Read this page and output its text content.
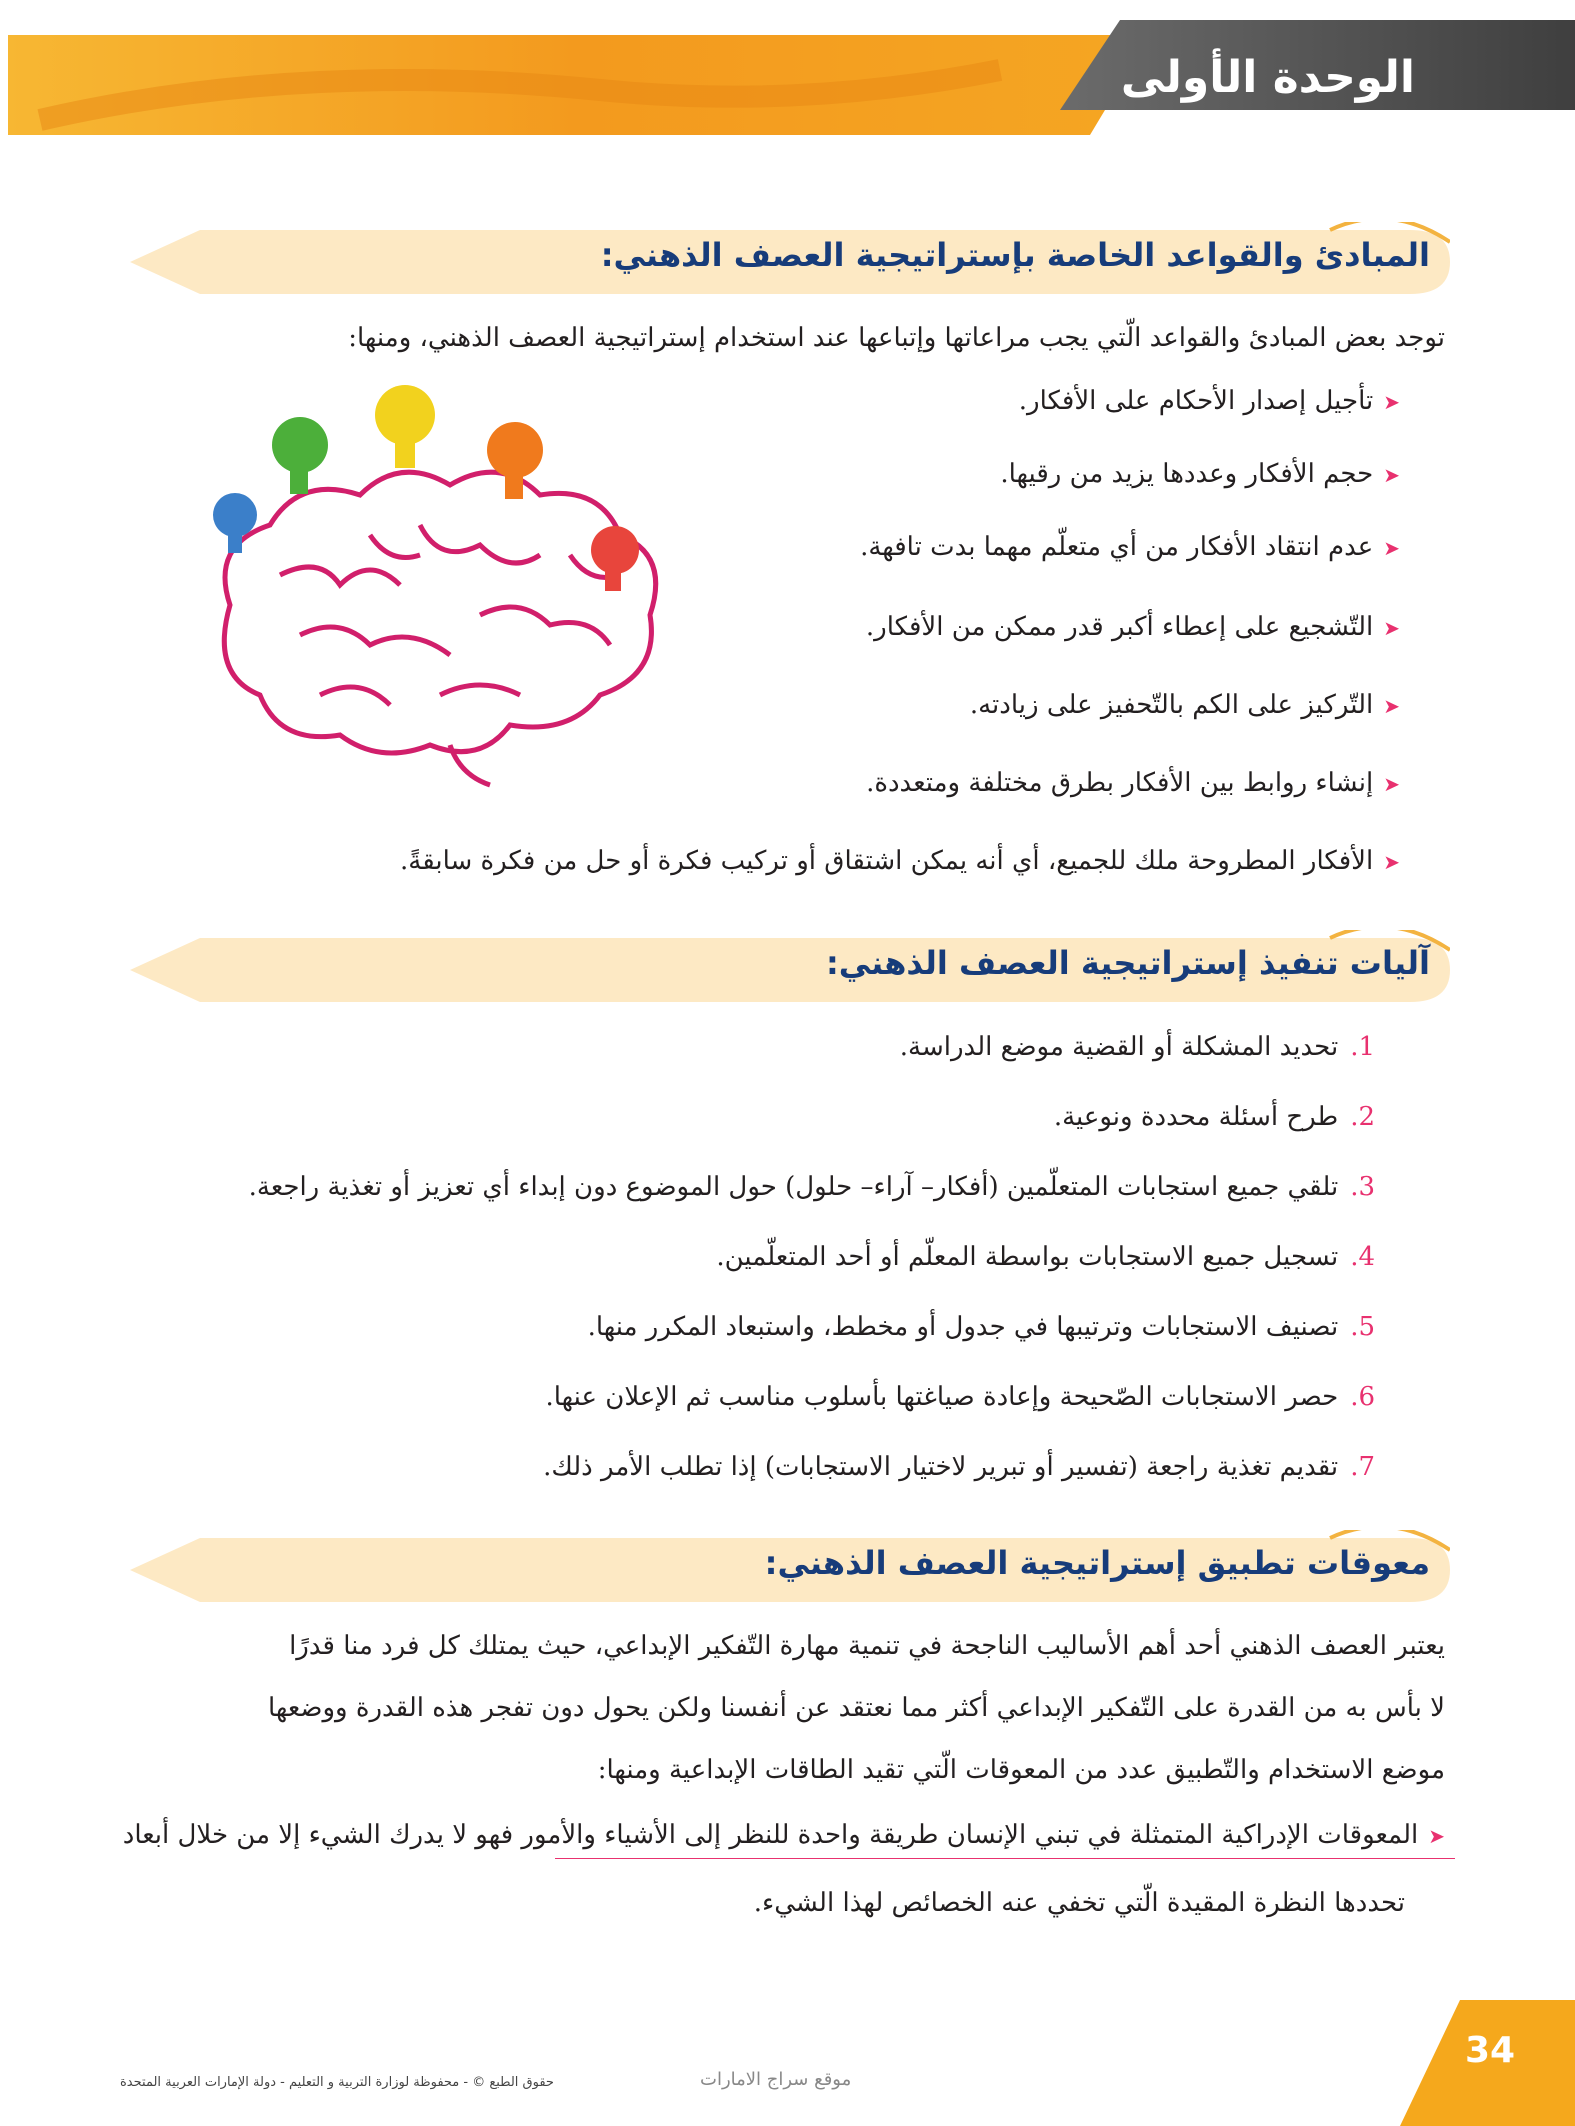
الوحدة الأولى
المبادئ والقواعد الخاصة بإستراتيجية العصف الذهني:
توجد بعض المبادئ والقواعد الّتي يجب مراعاتها وإتباعها عند استخدام إستراتيجية العصف الذهني، ومنها:
➤تأجيل إصدار الأحكام على الأفكار.
➤حجم الأفكار وعددها يزيد من رقيها.
➤عدم انتقاد الأفكار من أي متعلّم مهما بدت تافهة.
➤التّشجيع على إعطاء أكبر قدر ممكن من الأفكار.
➤التّركيز على الكم بالتّحفيز على زيادته.
➤إنشاء روابط بين الأفكار بطرق مختلفة ومتعددة.
➤الأفكار المطروحة ملك للجميع، أي أنه يمكن اشتقاق أو تركيب فكرة أو حل من فكرة سابقةً.
آليات تنفيذ إستراتيجية العصف الذهني:
1.تحديد المشكلة أو القضية موضع الدراسة.
2.طرح أسئلة محددة ونوعية.
3.تلقي جميع استجابات المتعلّمين (أفكار– آراء– حلول) حول الموضوع دون إبداء أي تعزيز أو تغذية راجعة.
4.تسجيل جميع الاستجابات بواسطة المعلّم أو أحد المتعلّمين.
5.تصنيف الاستجابات وترتيبها في جدول أو مخطط، واستبعاد المكرر منها.
6.حصر الاستجابات الصّحيحة وإعادة صياغتها بأسلوب مناسب ثم الإعلان عنها.
7.تقديم تغذية راجعة (تفسير أو تبرير لاختيار الاستجابات) إذا تطلب الأمر ذلك.
معوقات تطبيق إستراتيجية العصف الذهني:
يعتبر العصف الذهني أحد أهم الأساليب الناجحة في تنمية مهارة التّفكير الإبداعي، حيث يمتلك كل فرد منا قدرًا
لا بأس به من القدرة على التّفكير الإبداعي أكثر مما نعتقد عن أنفسنا ولكن يحول دون تفجر هذه القدرة ووضعها
موضع الاستخدام والتّطبيق عدد من المعوقات الّتي تقيد الطاقات الإبداعية ومنها:
➤المعوقات الإدراكية المتمثلة في تبني الإنسان طريقة واحدة للنظر إلى الأشياء والأمور فهو لا يدرك الشيء إلا من خلال أبعاد
تحددها النظرة المقيدة الّتي تخفي عنه الخصائص لهذا الشيء.
34
حقوق الطبع © - محفوظة لوزارة التربية و التعليم - دولة الإمارات العربية المتحدة	موقع سراج الامارات
